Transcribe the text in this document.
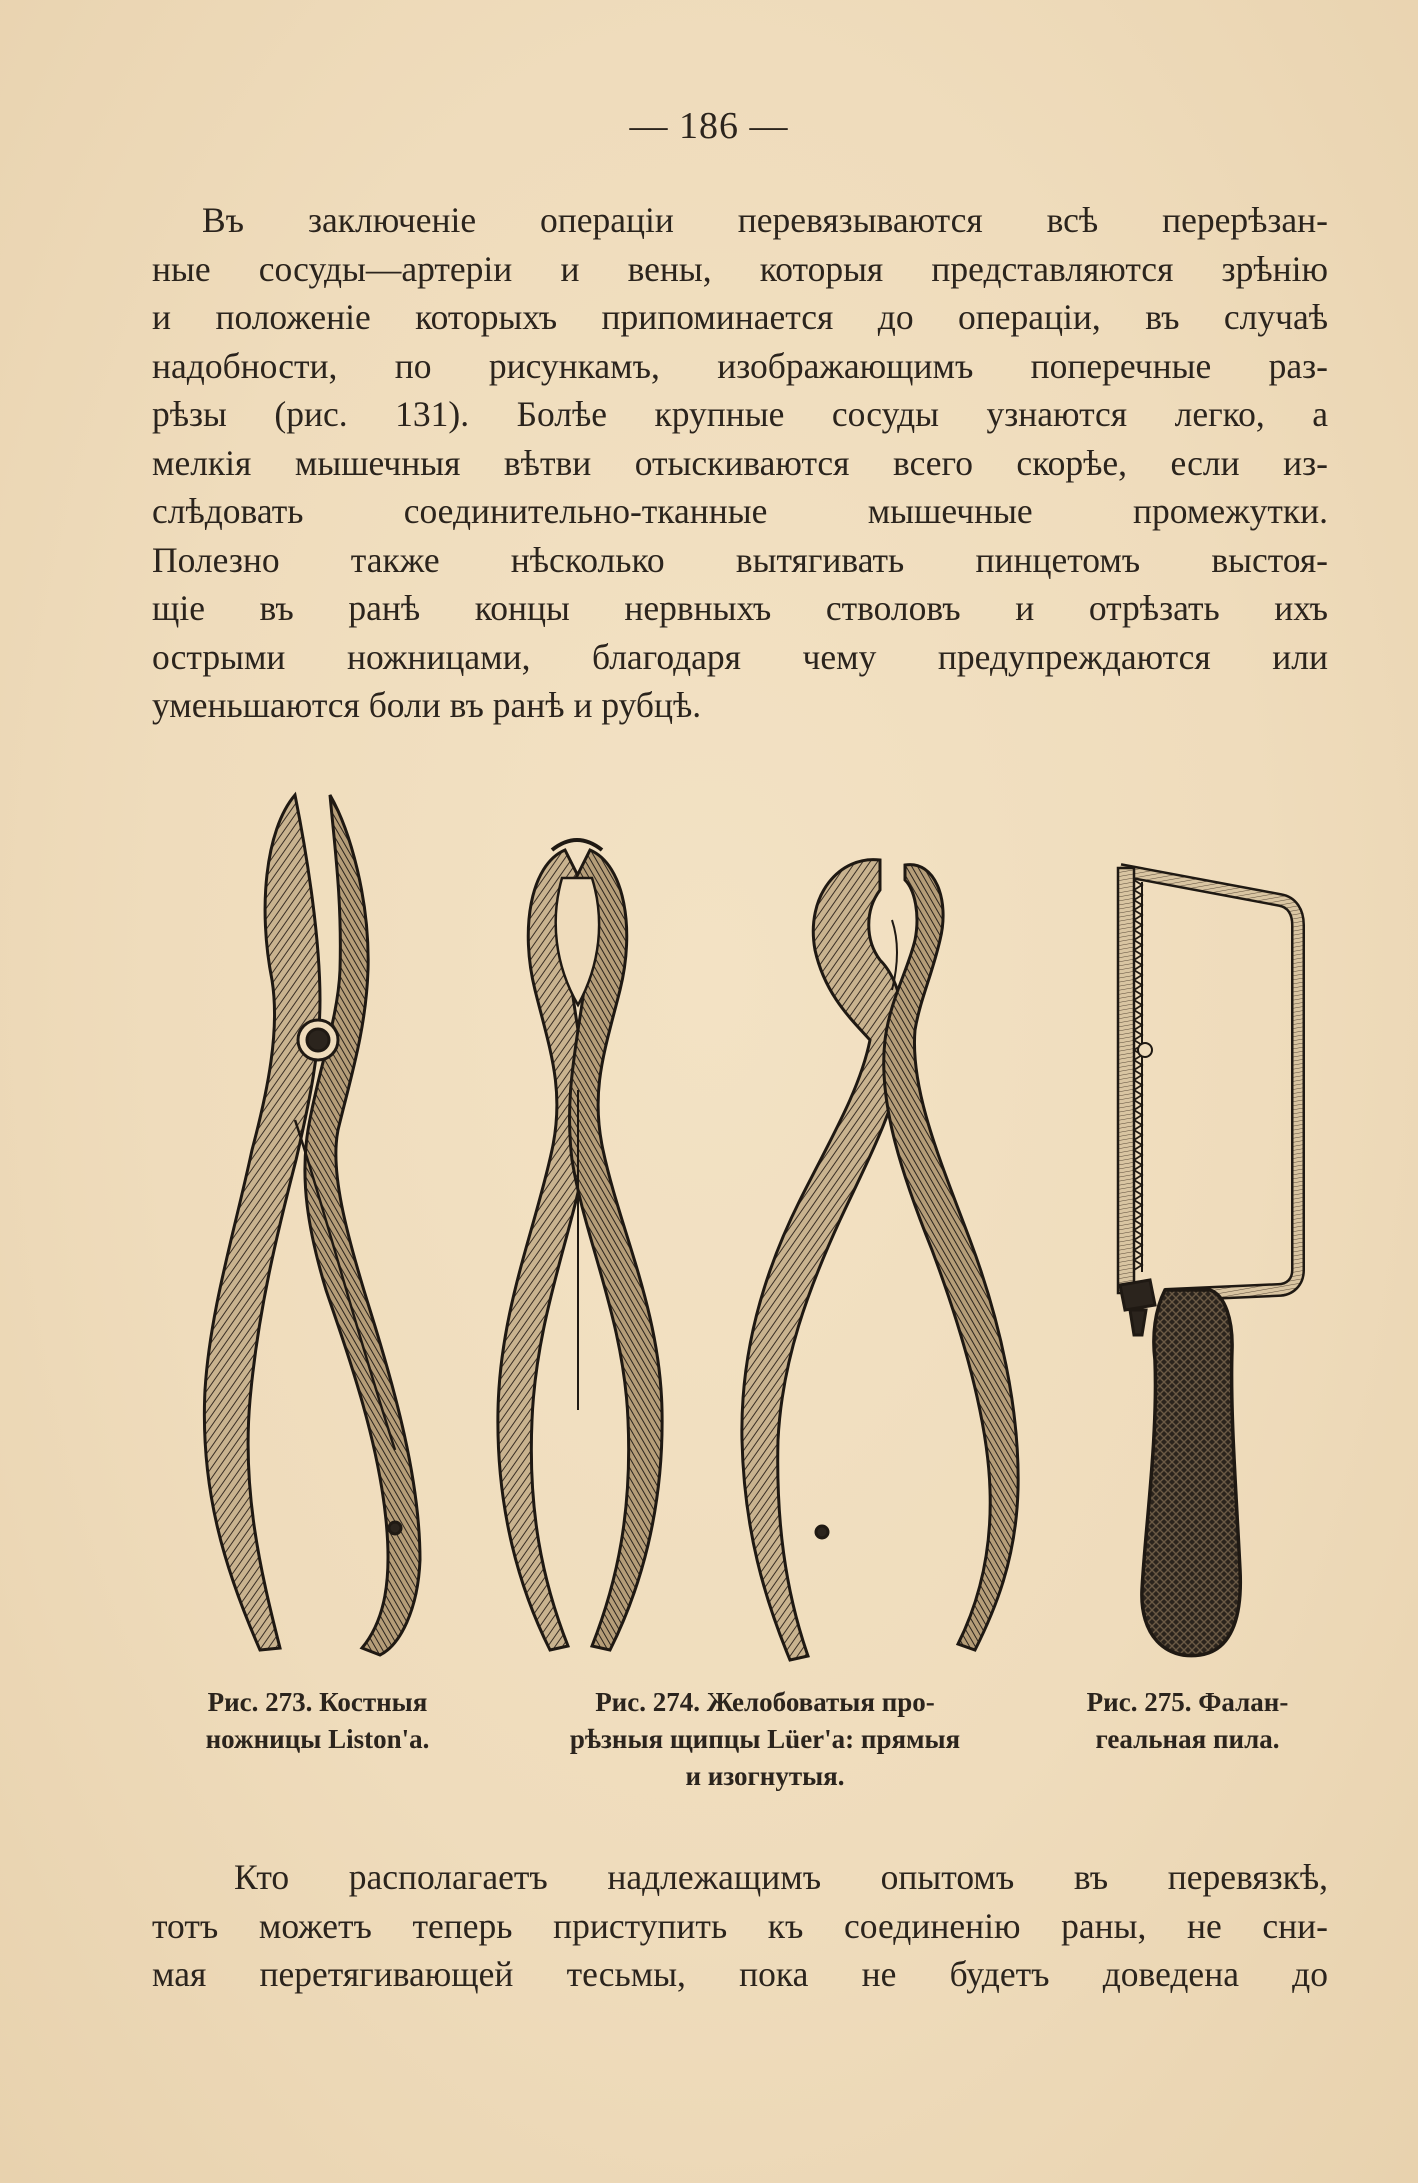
— 186 —

Въ заключеніе операціи перевязываются всѣ перерѣзан-
ные сосуды—артеріи и вены, которыя представляются зрѣнію
и положеніе которыхъ припоминается до операціи, въ случаѣ
надобности, по рисункамъ, изображающимъ поперечные раз-
рѣзы (рис. 131). Болѣе крупные сосуды узнаются легко, а
мелкія мышечныя вѣтви отыскиваются всего скорѣе, если из-
слѣдовать соединительно-тканные мышечные промежутки.
Полезно также нѣсколько вытягивать пинцетомъ выстоя-
щіе въ ранѣ концы нервныхъ стволовъ и отрѣзать ихъ
острыми ножницами, благодаря чему предупреждаются или
уменьшаются боли въ ранѣ и рубцѣ.

Рис. 273. Костныя
ножницы Liston'a.
Рис. 274. Желобоватыя про-
рѣзныя щипцы Lüer'a: прямыя
и изогнутыя.
Рис. 275. Фалан-
геальная пила.

Кто располагаетъ надлежащимъ опытомъ въ перевязкѣ,
тотъ можетъ теперь приступить къ соединенію раны, не сни-
мая перетягивающей тесьмы, пока не будетъ доведена до
